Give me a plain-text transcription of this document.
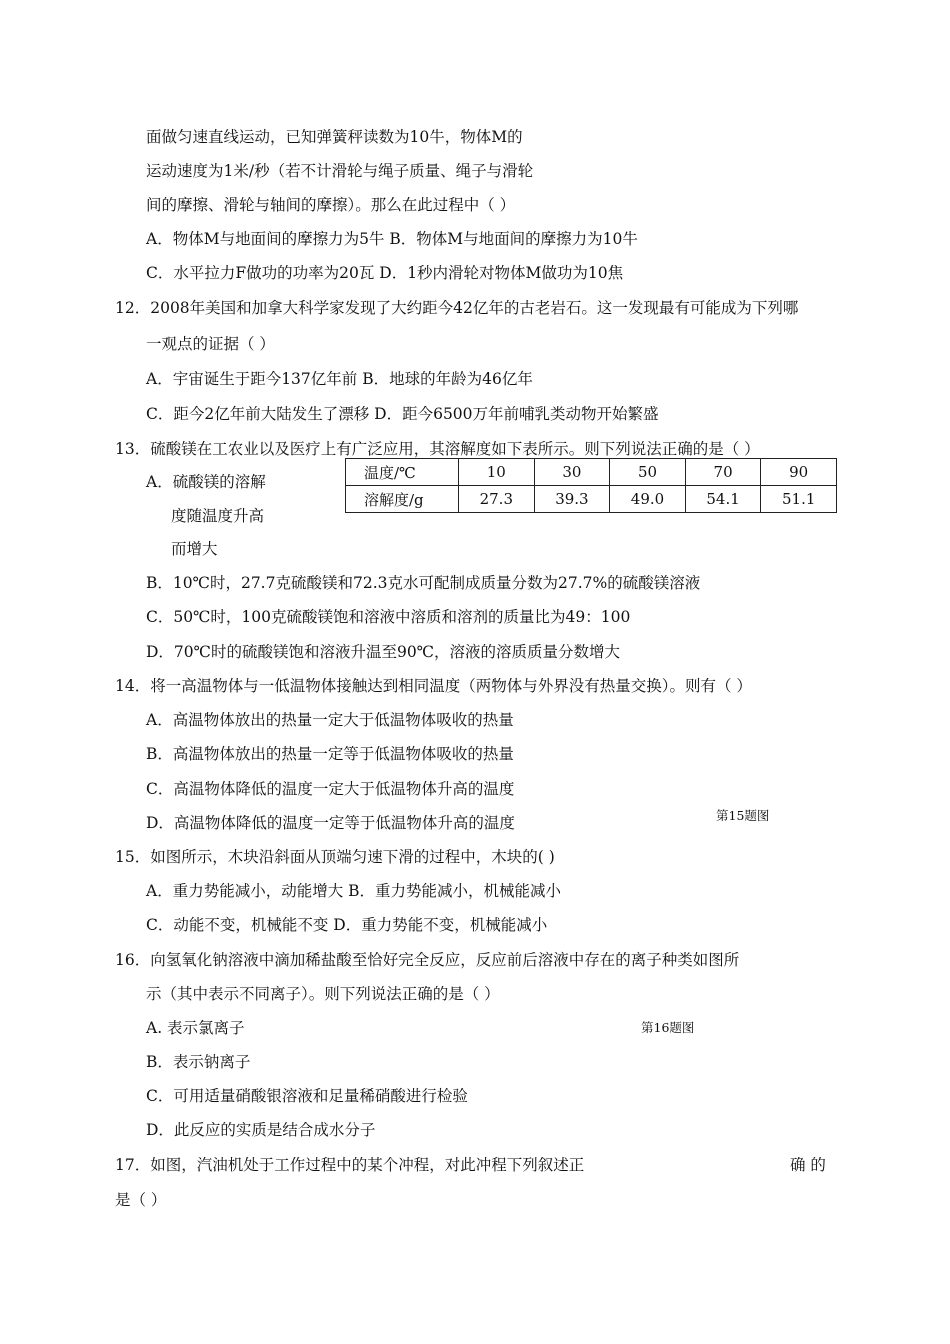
面做匀速直线运动，已知弹簧秤读数为10牛，物体M的
运动速度为1米/秒（若不计滑轮与绳子质量、绳子与滑轮
间的摩擦、滑轮与轴间的摩擦）。那么在此过程中（ ）
A．物体M与地面间的摩擦力为5牛 B．物体M与地面间的摩擦力为10牛
C．水平拉力F做功的功率为20瓦 D．1秒内滑轮对物体M做功为10焦
12．2008年美国和加拿大科学家发现了大约距今42亿年的古老岩石。这一发现最有可能成为下列哪
一观点的证据（ ）
A．宇宙诞生于距今137亿年前 B．地球的年龄为46亿年
C．距今2亿年前大陆发生了漂移 D．距今6500万年前哺乳类动物开始繁盛
13．硫酸镁在工农业以及医疗上有广泛应用，其溶解度如下表所示。则下列说法正确的是（ ）
A．硫酸镁的溶解
度随温度升高
而增大
温度/℃	10	30	50	70	90
溶解度/g	27.3	39.3	49.0	54.1	51.1
B．10℃时，27.7克硫酸镁和72.3克水可配制成质量分数为27.7%的硫酸镁溶液
C．50℃时，100克硫酸镁饱和溶液中溶质和溶剂的质量比为49：100
D．70℃时的硫酸镁饱和溶液升温至90℃，溶液的溶质质量分数增大
14．将一高温物体与一低温物体接触达到相同温度（两物体与外界没有热量交换）。则有（ ）
A．高温物体放出的热量一定大于低温物体吸收的热量
B．高温物体放出的热量一定等于低温物体吸收的热量
C．高温物体降低的温度一定大于低温物体升高的温度
D．高温物体降低的温度一定等于低温物体升高的温度	第15题图
15．如图所示，木块沿斜面从顶端匀速下滑的过程中，木块的( )
A．重力势能减小，动能增大 B．重力势能减小，机械能减小
C．动能不变，机械能不变 D．重力势能不变，机械能减小
16．向氢氧化钠溶液中滴加稀盐酸至恰好完全反应，反应前后溶液中存在的离子种类如图所
示（其中表示不同离子）。则下列说法正确的是（ ）
A. 表示氯离子	第16题图
B．表示钠离子
C．可用适量硝酸银溶液和足量稀硝酸进行检验
D．此反应的实质是结合成水分子
17．如图，汽油机处于工作过程中的某个冲程，对此冲程下列叙述正	确 的
是（ ）
